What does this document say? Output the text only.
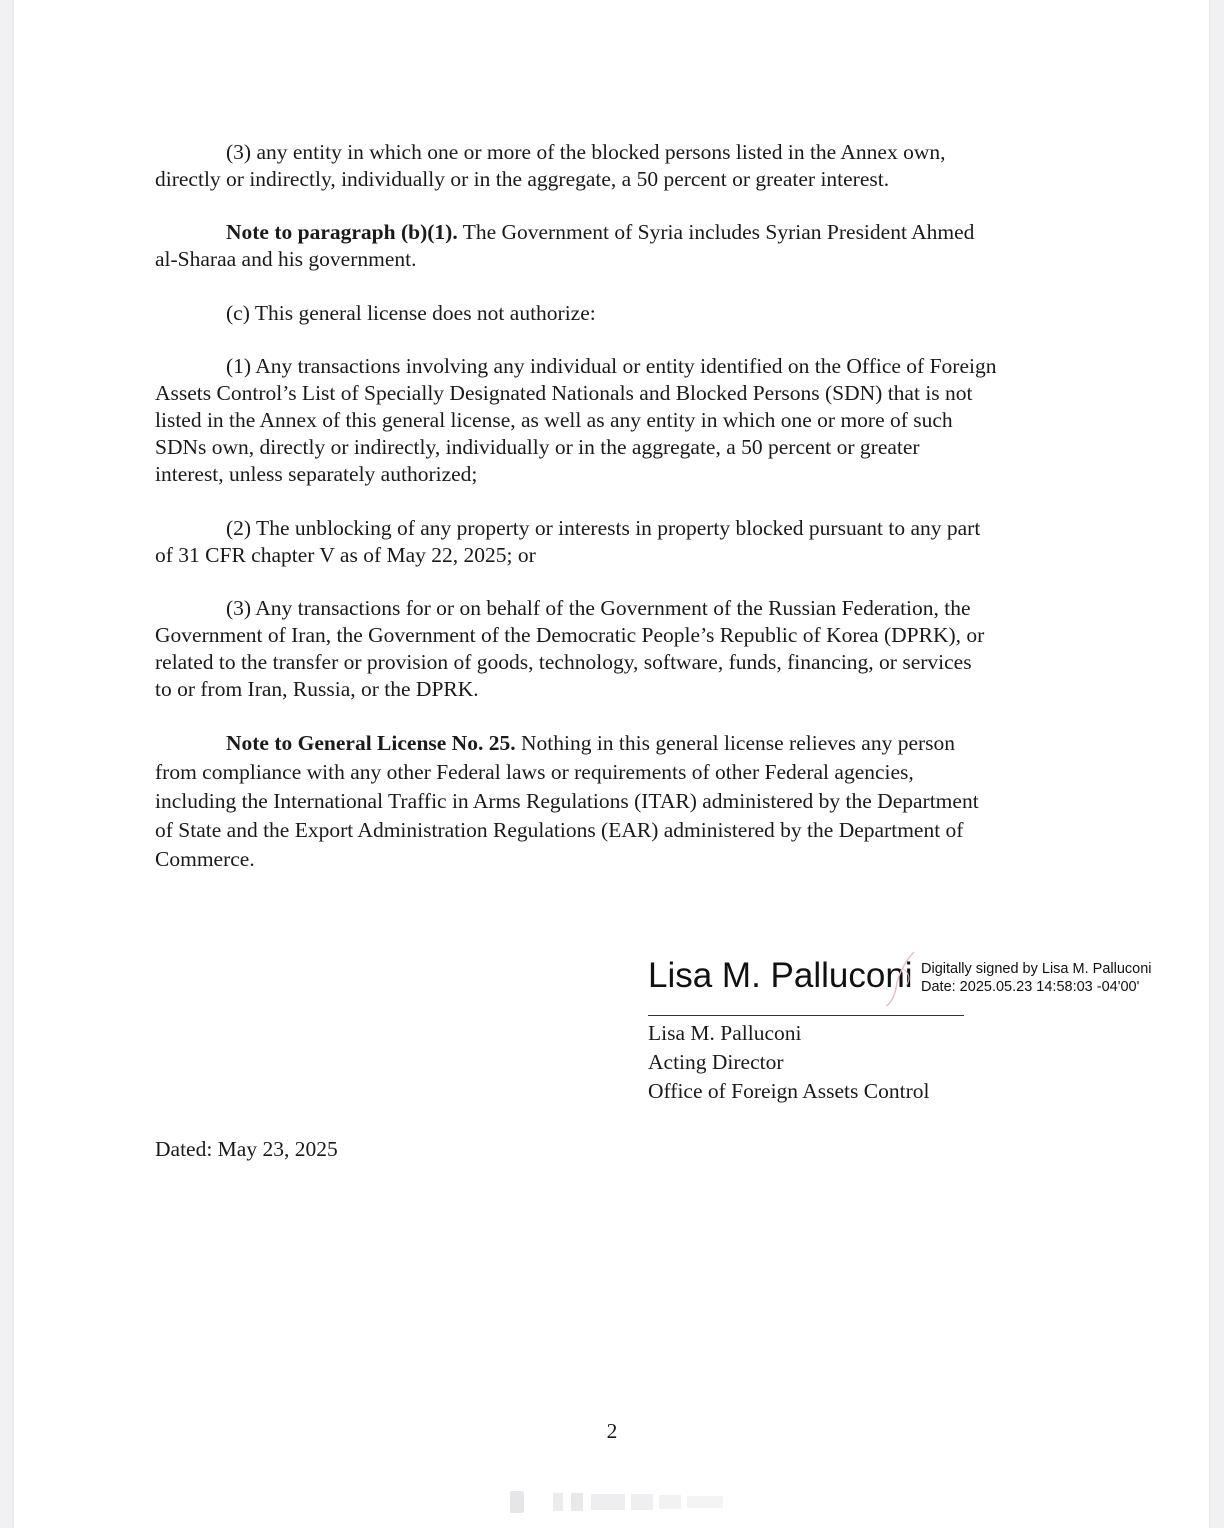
(3) any entity in which one or more of the blocked persons listed in the Annex own,
directly or indirectly, individually or in the aggregate, a 50 percent or greater interest.

Note to paragraph (b)(1). The Government of Syria includes Syrian President Ahmed
al-Sharaa and his government.

(c) This general license does not authorize:

(1) Any transactions involving any individual or entity identified on the Office of Foreign
Assets Control’s List of Specially Designated Nationals and Blocked Persons (SDN) that is not
listed in the Annex of this general license, as well as any entity in which one or more of such
SDNs own, directly or indirectly, individually or in the aggregate, a 50 percent or greater
interest, unless separately authorized;

(2) The unblocking of any property or interests in property blocked pursuant to any part
of 31 CFR chapter V as of May 22, 2025; or

(3) Any transactions for or on behalf of the Government of the Russian Federation, the
Government of Iran, the Government of the Democratic People’s Republic of Korea (DPRK), or
related to the transfer or provision of goods, technology, software, funds, financing, or services
to or from Iran, Russia, or the DPRK.

Note to General License No. 25. Nothing in this general license relieves any person
from compliance with any other Federal laws or requirements of other Federal agencies,
including the International Traffic in Arms Regulations (ITAR) administered by the Department
of State and the Export Administration Regulations (EAR) administered by the Department of
Commerce.

Lisa M. Palluconi Digitally signed by Lisa M. Palluconi
Date: 2025.05.23 14:58:03 -04'00'
Lisa M. Palluconi
Acting Director
Office of Foreign Assets Control
Dated: May 23, 2025
2
